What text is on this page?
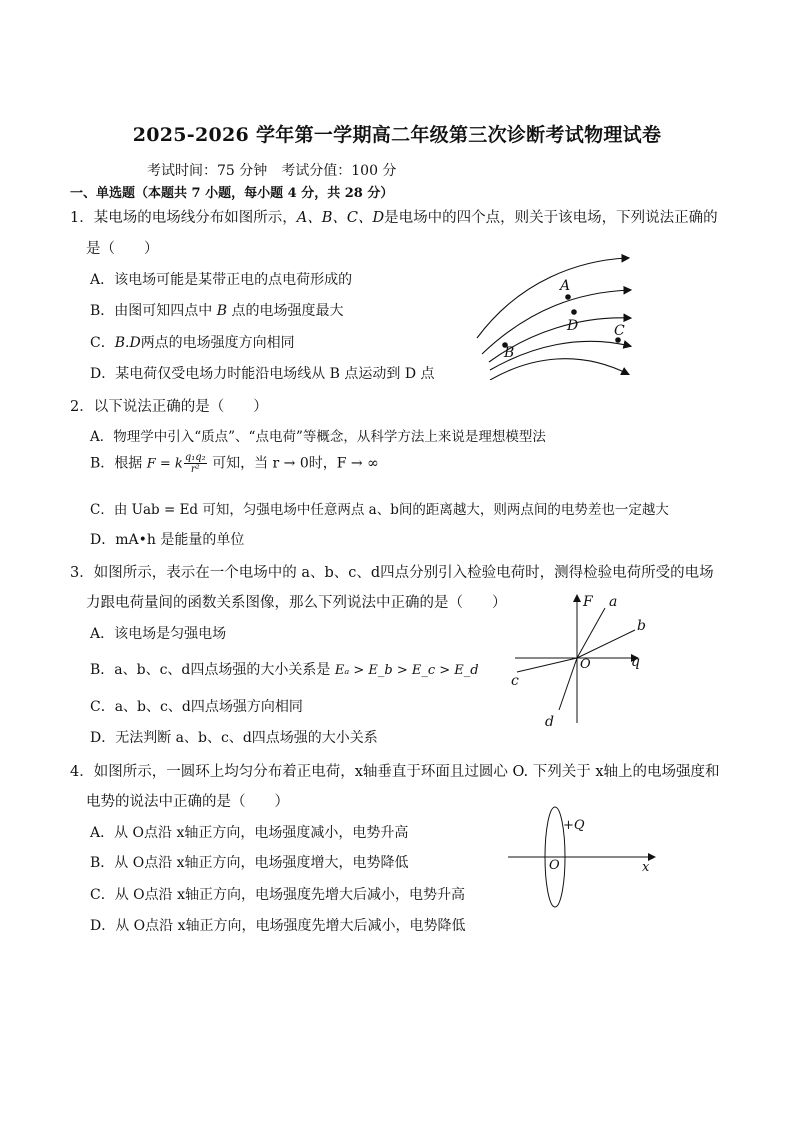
2025-2026 学年第一学期高二年级第三次诊断考试物理试卷
考试时间：75 分钟　考试分值：100 分
一、单选题（本题共 7 小题，每小题 4 分，共 28 分）
1．某电场的电场线分布如图所示，A、B、C、D是电场中的四个点，则关于该电场，下列说法正确的
是（　　）
A．该电场可能是某带正电的点电荷形成的
B．由图可知四点中 B 点的电场强度最大
C．B.D两点的电场强度方向相同
D．某电荷仅受电场力时能沿电场线从 B 点运动到 D 点
A
B
C
D
2．以下说法正确的是（　　）
A．物理学中引入“质点”、“点电荷”等概念，从科学方法上来说是理想模型法
B．根据 F = k $\frac{\text{q₁q₂}}{\text{r²}}$ 可知，当 r → 0时，F → ∞
C．由 Uab = Ed 可知，匀强电场中任意两点 a、b间的距离越大，则两点间的电势差也一定越大
D．mA•h 是能量的单位
3．如图所示，表示在一个电场中的 a、b、c、d四点分别引入检验电荷时，测得检验电荷所受的电场
力跟电荷量间的函数关系图像，那么下列说法中正确的是（　　）
A．该电场是匀强电场
B．a、b、c、d四点场强的大小关系是 Eₐ > E_b > E_c > E_d
C．a、b、c、d四点场强方向相同
D．无法判断 a、b、c、d四点场强的大小关系
F
q
O
a
b
c
d
4．如图所示，一圆环上均匀分布着正电荷，x轴垂直于环面且过圆心 O. 下列关于 x轴上的电场强度和
电势的说法中正确的是（　　）
A．从 O点沿 x轴正方向，电场强度减小，电势升高
B．从 O点沿 x轴正方向，电场强度增大，电势降低
C．从 O点沿 x轴正方向，电场强度先增大后减小，电势升高
D．从 O点沿 x轴正方向，电场强度先增大后减小，电势降低
+Q
O	x
